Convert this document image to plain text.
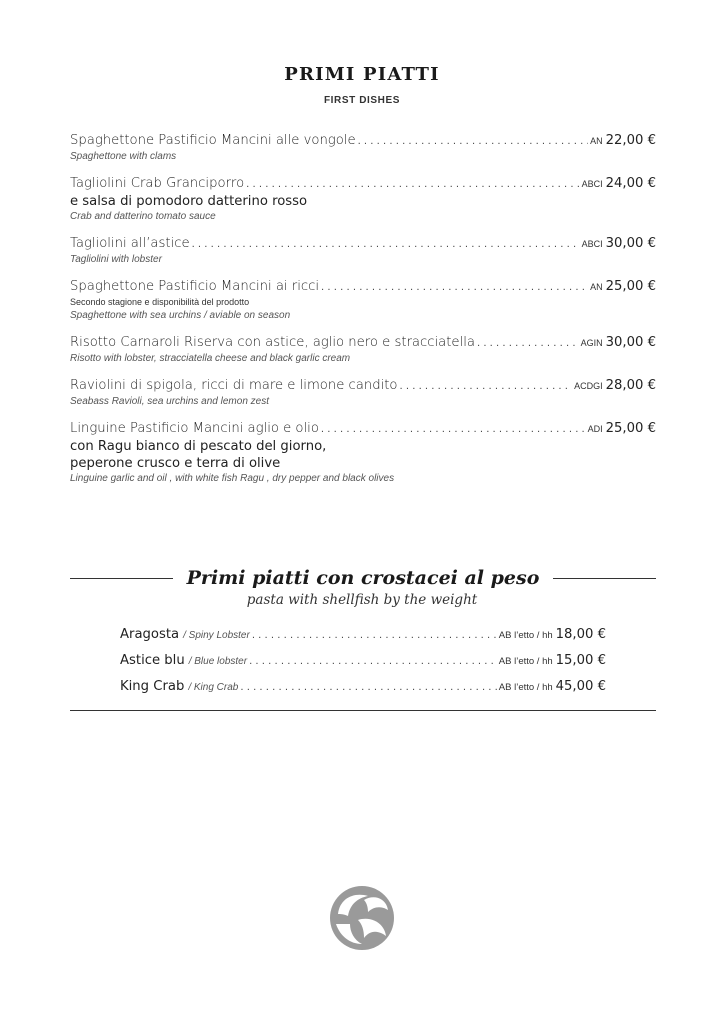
PRIMI PIATTI
FIRST DISHES
Spaghettone Pastificio Mancini alle vongole . . .	AN 22,00 €
Spaghettone with clams
Tagliolini Crab Granciporro . . .	ABCI 24,00 €
e salsa di pomodoro datterino rosso
Crab and datterino tomato sauce
Tagliolini all’astice . . .	ABCI 30,00 €
Tagliolini with lobster
Spaghettone Pastificio Mancini ai ricci . . .	AN 25,00 €
Secondo stagione e disponibilità del prodotto
Spaghettone with sea urchins / aviable on season
Risotto Carnaroli Riserva con astice, aglio nero e stracciatella . . .	AGIN 30,00 €
Risotto with lobster, stracciatella cheese and black garlic cream
Raviolini di spigola, ricci di mare e limone candito . . .	ACDGI 28,00 €
Seabass Ravioli, sea urchins and lemon zest
Linguine Pastificio Mancini aglio e olio . . .	ADI 25,00 €
con Ragu bianco di pescato del giorno,
peperone crusco e terra di olive
Linguine garlic and oil , with white fish Ragu , dry pepper and black olives
Primi piatti con crostacei al peso
pasta with shellfish by the weight
Aragosta / Spiny Lobster . . .	AB l’etto / hh 18,00 €
Astice blu / Blue lobster . . .	AB l’etto / hh 15,00 €
King Crab / King Crab . . .	AB l’etto / hh 45,00 €
